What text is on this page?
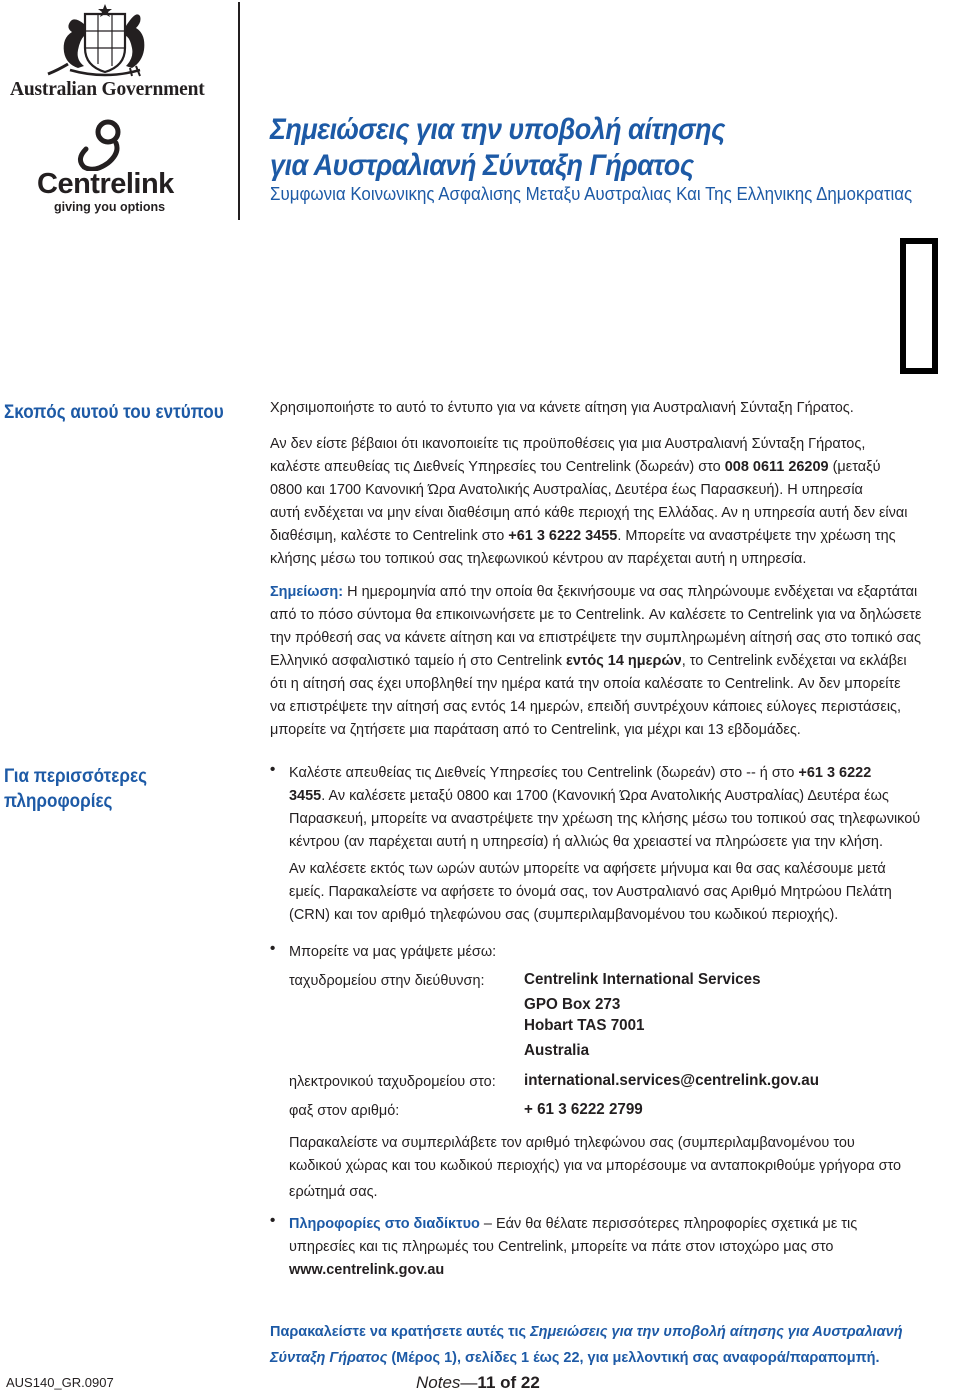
Australian Government
Centrelink
giving you options
Σημειώσεις για την υποβολή αίτησης
για Αυστραλιανή Σύνταξη Γήρατος
Συμφωνια Κοινωνικης Ασφαλισης Μεταξυ Αυστραλιας Και Της Ελληνικης Δημοκρατιας
Σκοπός αυτού του εντύπου	Χρησιμοποιήστε το αυτό το έντυπο για να κάνετε αίτηση για Αυστραλιανή Σύνταξη Γήρατος.
Αν δεν είστε βέβαιοι ότι ικανοποιείτε τις προϋποθέσεις για μια Αυστραλιανή Σύνταξη Γήρατος,
καλέστε απευθείας τις Διεθνείς Υπηρεσίες του Centrelink (δωρεάν) στο 008 0611 26209 (μεταξύ
0800 και 1700 Κανονική Ώρα Ανατολικής Αυστραλίας, Δευτέρα έως Παρασκευή). Η υπηρεσία
αυτή ενδέχεται να μην είναι διαθέσιμη από κάθε περιοχή της Ελλάδας. Αν η υπηρεσία αυτή δεν είναι
διαθέσιμη, καλέστε το Centrelink στο +61 3 6222 3455. Μπορείτε να αναστρέψετε την χρέωση της
κλήσης μέσω του τοπικού σας τηλεφωνικού κέντρου αν παρέχεται αυτή η υπηρεσία.
Σημείωση: Η ημερομηνία από την οποία θα ξεκινήσουμε να σας πληρώνουμε ενδέχεται να εξαρτάται
από το πόσο σύντομα θα επικοινωνήσετε με το Centrelink. Αν καλέσετε το Centrelink για να δηλώσετε
την πρόθεσή σας να κάνετε αίτηση και να επιστρέψετε την συμπληρωμένη αίτησή σας στο τοπικό σας
Ελληνικό ασφαλιστικό ταμείο ή στο Centrelink εντός 14 ημερών, το Centrelink ενδέχεται να εκλάβει
ότι η αίτησή σας έχει υποβληθεί την ημέρα κατά την οποία καλέσατε το Centrelink. Αν δεν μπορείτε
να επιστρέψετε την αίτησή σας εντός 14 ημερών, επειδή συντρέχουν κάποιες εύλογες περιστάσεις,
μπορείτε να ζητήσετε μια παράταση από το Centrelink, για μέχρι και 13 εβδομάδες.
Για περισσότερες
πληροφορίες
• Καλέστε απευθείας τις Διεθνείς Υπηρεσίες του Centrelink (δωρεάν) στο -- ή στο +61 3 6222
3455. Αν καλέσετε μεταξύ 0800 και 1700 (Κανονική Ώρα Ανατολικής Αυστραλίας) Δευτέρα έως
Παρασκευή, μπορείτε να αναστρέψετε την χρέωση της κλήσης μέσω του τοπικού σας τηλεφωνικού
κέντρου (αν παρέχεται αυτή η υπηρεσία) ή αλλιώς θα χρειαστεί να πληρώσετε για την κλήση.
Αν καλέσετε εκτός των ωρών αυτών μπορείτε να αφήσετε μήνυμα και θα σας καλέσουμε μετά
εμείς. Παρακαλείστε να αφήσετε το όνομά σας, τον Αυστραλιανό σας Αριθμό Μητρώου Πελάτη
(CRN) και τον αριθμό τηλεφώνου σας (συμπεριλαμβανομένου του κωδικού περιοχής).
• Μπορείτε να μας γράψετε μέσω:
ταχυδρομείου στην διεύθυνση: Centrelink International Services
GPO Box 273
Hobart TAS 7001
Australia
ηλεκτρονικού ταχυδρομείου στο: international.services@centrelink.gov.au
φαξ στον αριθμό:	+ 61 3 6222 2799
Παρακαλείστε να συμπεριλάβετε τον αριθμό τηλεφώνου σας (συμπεριλαμβανομένου του
κωδικού χώρας και του κωδικού περιοχής) για να μπορέσουμε να ανταποκριθούμε γρήγορα στο
ερώτημά σας.
• Πληροφορίες στο διαδίκτυο – Εάν θα θέλατε περισσότερες πληροφορίες σχετικά με τις
υπηρεσίες και τις πληρωμές του Centrelink, μπορείτε να πάτε στον ιστοχώρο μας στο
www.centrelink.gov.au
Παρακαλείστε να κρατήσετε αυτές τις Σημειώσεις για την υποβολή αίτησης για Αυστραλιανή
Σύνταξη Γήρατος (Μέρος 1), σελίδες 1 έως 22, για μελλοντική σας αναφορά/παραπομπή.
AUS140_GR.0907	Notes—11 of 22
